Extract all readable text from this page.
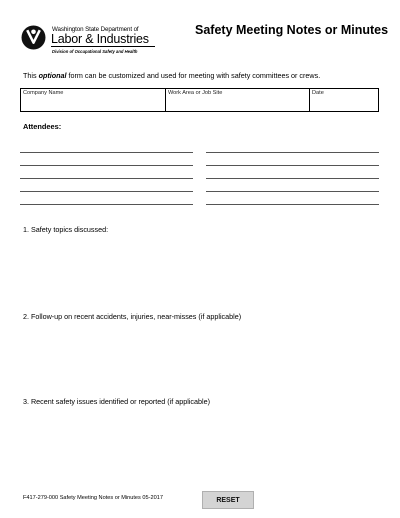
Washington State Department of
Labor & Industries
Division of Occupational Safety and Health
Safety Meeting Notes or Minutes
This optional form can be customized and used for meeting with safety committees or crews.
Company Name	Work Area or Job Site	Date
Attendees:
1. Safety topics discussed:
2. Follow-up on recent accidents, injuries, near-misses (if applicable)
3. Recent safety issues identified or reported (if applicable)
F417-279-000 Safety Meeting Notes or Minutes 05-2017	RESET
